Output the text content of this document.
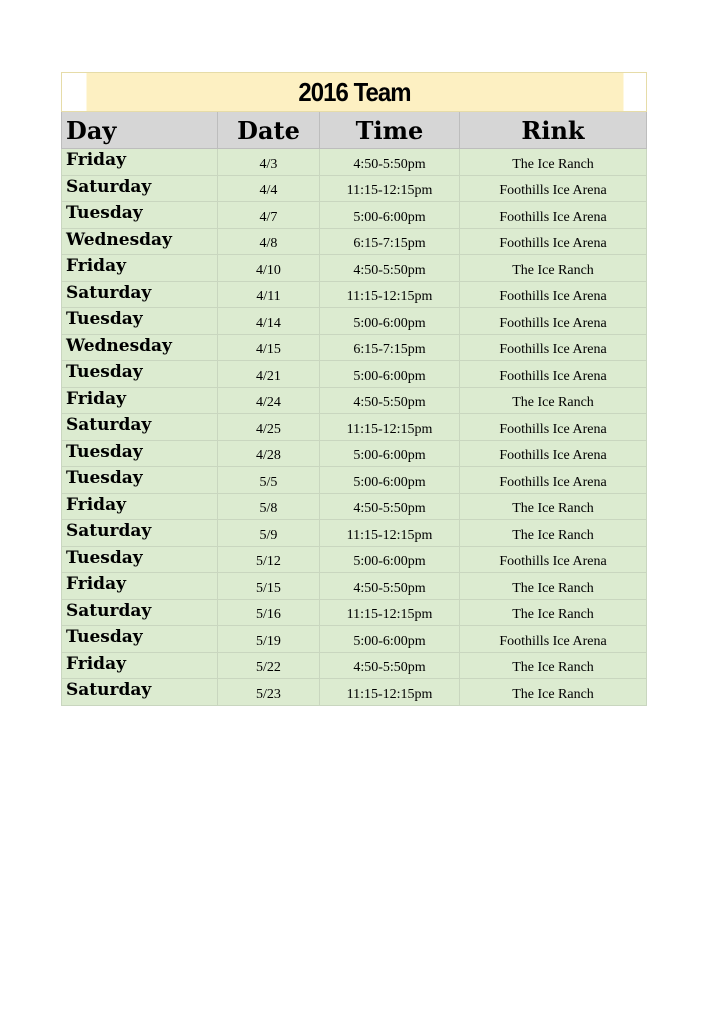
2016 Team			
Day	Date	Time	Rink
Friday	4/3	4:50-5:50pm	The Ice Ranch
Saturday	4/4	11:15-12:15pm	Foothills Ice Arena
Tuesday	4/7	5:00-6:00pm	Foothills Ice Arena
Wednesday	4/8	6:15-7:15pm	Foothills Ice Arena
Friday	4/10	4:50-5:50pm	The Ice Ranch
Saturday	4/11	11:15-12:15pm	Foothills Ice Arena
Tuesday	4/14	5:00-6:00pm	Foothills Ice Arena
Wednesday	4/15	6:15-7:15pm	Foothills Ice Arena
Tuesday	4/21	5:00-6:00pm	Foothills Ice Arena
Friday	4/24	4:50-5:50pm	The Ice Ranch
Saturday	4/25	11:15-12:15pm	Foothills Ice Arena
Tuesday	4/28	5:00-6:00pm	Foothills Ice Arena
Tuesday	5/5	5:00-6:00pm	Foothills Ice Arena
Friday	5/8	4:50-5:50pm	The Ice Ranch
Saturday	5/9	11:15-12:15pm	The Ice Ranch
Tuesday	5/12	5:00-6:00pm	Foothills Ice Arena
Friday	5/15	4:50-5:50pm	The Ice Ranch
Saturday	5/16	11:15-12:15pm	The Ice Ranch
Tuesday	5/19	5:00-6:00pm	Foothills Ice Arena
Friday	5/22	4:50-5:50pm	The Ice Ranch
Saturday	5/23	11:15-12:15pm	The Ice Ranch
